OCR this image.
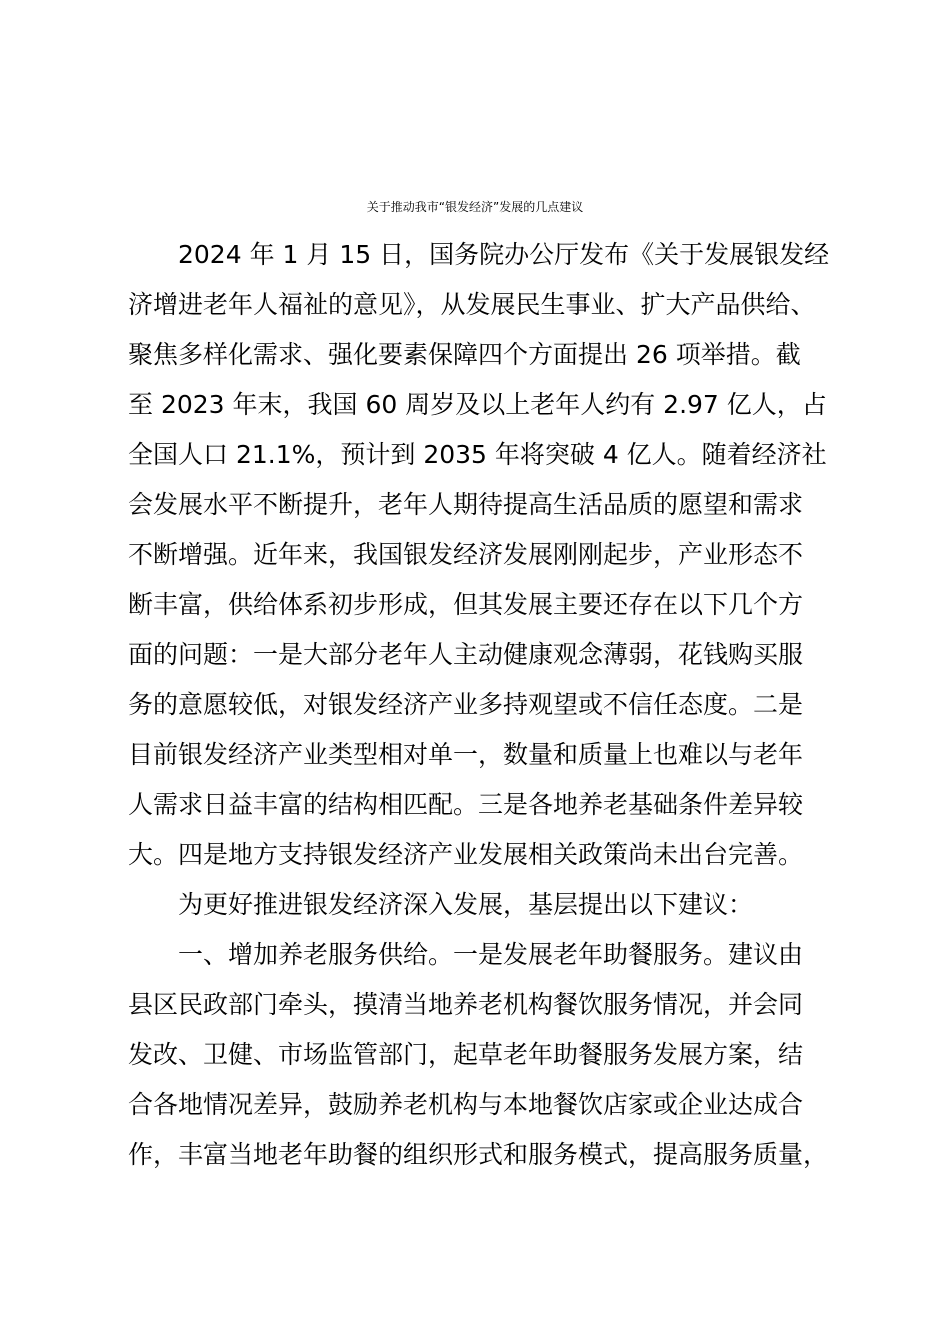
关于推动我市“银发经济”发展的几点建议
　　2024 年 1 月 15 日，国务院办公厅发布《关于发展银发经
济增进老年人福祉的意见》，从发展民生事业、扩大产品供给、
聚焦多样化需求、强化要素保障四个方面提出 26 项举措。截
至 2023 年末，我国 60 周岁及以上老年人约有 2.97 亿人，占
全国人口 21.1%，预计到 2035 年将突破 4 亿人。随着经济社
会发展水平不断提升，老年人期待提高生活品质的愿望和需求
不断增强。近年来，我国银发经济发展刚刚起步，产业形态不
断丰富，供给体系初步形成，但其发展主要还存在以下几个方
面的问题：一是大部分老年人主动健康观念薄弱，花钱购买服
务的意愿较低，对银发经济产业多持观望或不信任态度。二是
目前银发经济产业类型相对单一，数量和质量上也难以与老年
人需求日益丰富的结构相匹配。三是各地养老基础条件差异较
大。四是地方支持银发经济产业发展相关政策尚未出台完善。
　　为更好推进银发经济深入发展，基层提出以下建议：
　　一、增加养老服务供给。一是发展老年助餐服务。建议由
县区民政部门牵头，摸清当地养老机构餐饮服务情况，并会同
发改、卫健、市场监管部门，起草老年助餐服务发展方案，结
合各地情况差异，鼓励养老机构与本地餐饮店家或企业达成合
作，丰富当地老年助餐的组织形式和服务模式，提高服务质量，
